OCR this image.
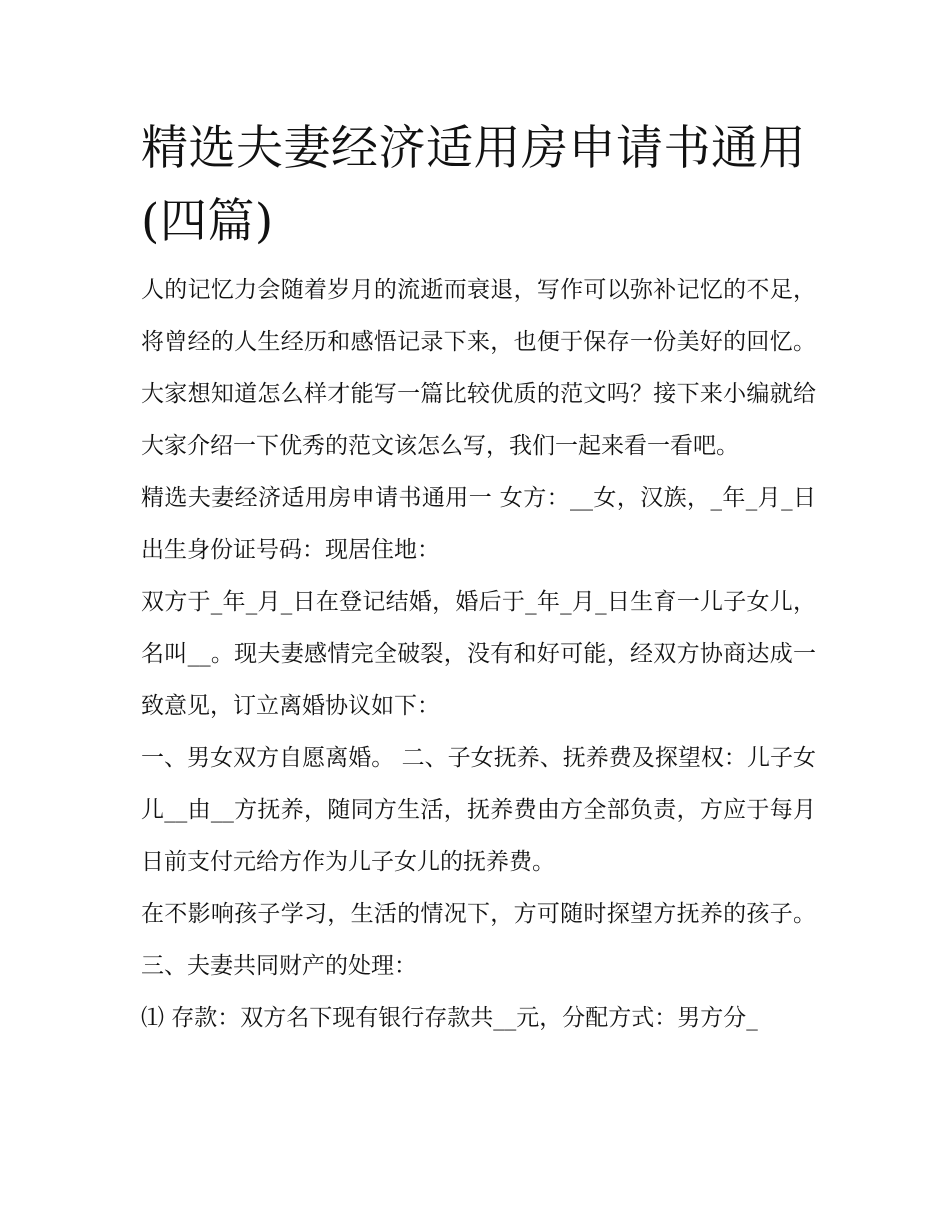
精选夫妻经济适用房申请书通用(四篇)

人的记忆力会随着岁月的流逝而衰退，写作可以弥补记忆的不足，将曾经的人生经历和感悟记录下来，也便于保存一份美好的回忆。大家想知道怎么样才能写一篇比较优质的范文吗？接下来小编就给大家介绍一下优秀的范文该怎么写，我们一起来看一看吧。

精选夫妻经济适用房申请书通用一 女方：__女，汉族，_年_月_日出生身份证号码：现居住地：

双方于_年_月_日在登记结婚，婚后于_年_月_日生育一儿子女儿，名叫__。现夫妻感情完全破裂，没有和好可能，经双方协商达成一致意见，订立离婚协议如下：

一、男女双方自愿离婚。 二、子女抚养、抚养费及探望权：儿子女儿__由__方抚养，随同方生活，抚养费由方全部负责，方应于每月日前支付元给方作为儿子女儿的抚养费。

在不影响孩子学习，生活的情况下，方可随时探望方抚养的孩子。 三、夫妻共同财产的处理：

⑴ 存款：双方名下现有银行存款共__元，分配方式：男方分_
